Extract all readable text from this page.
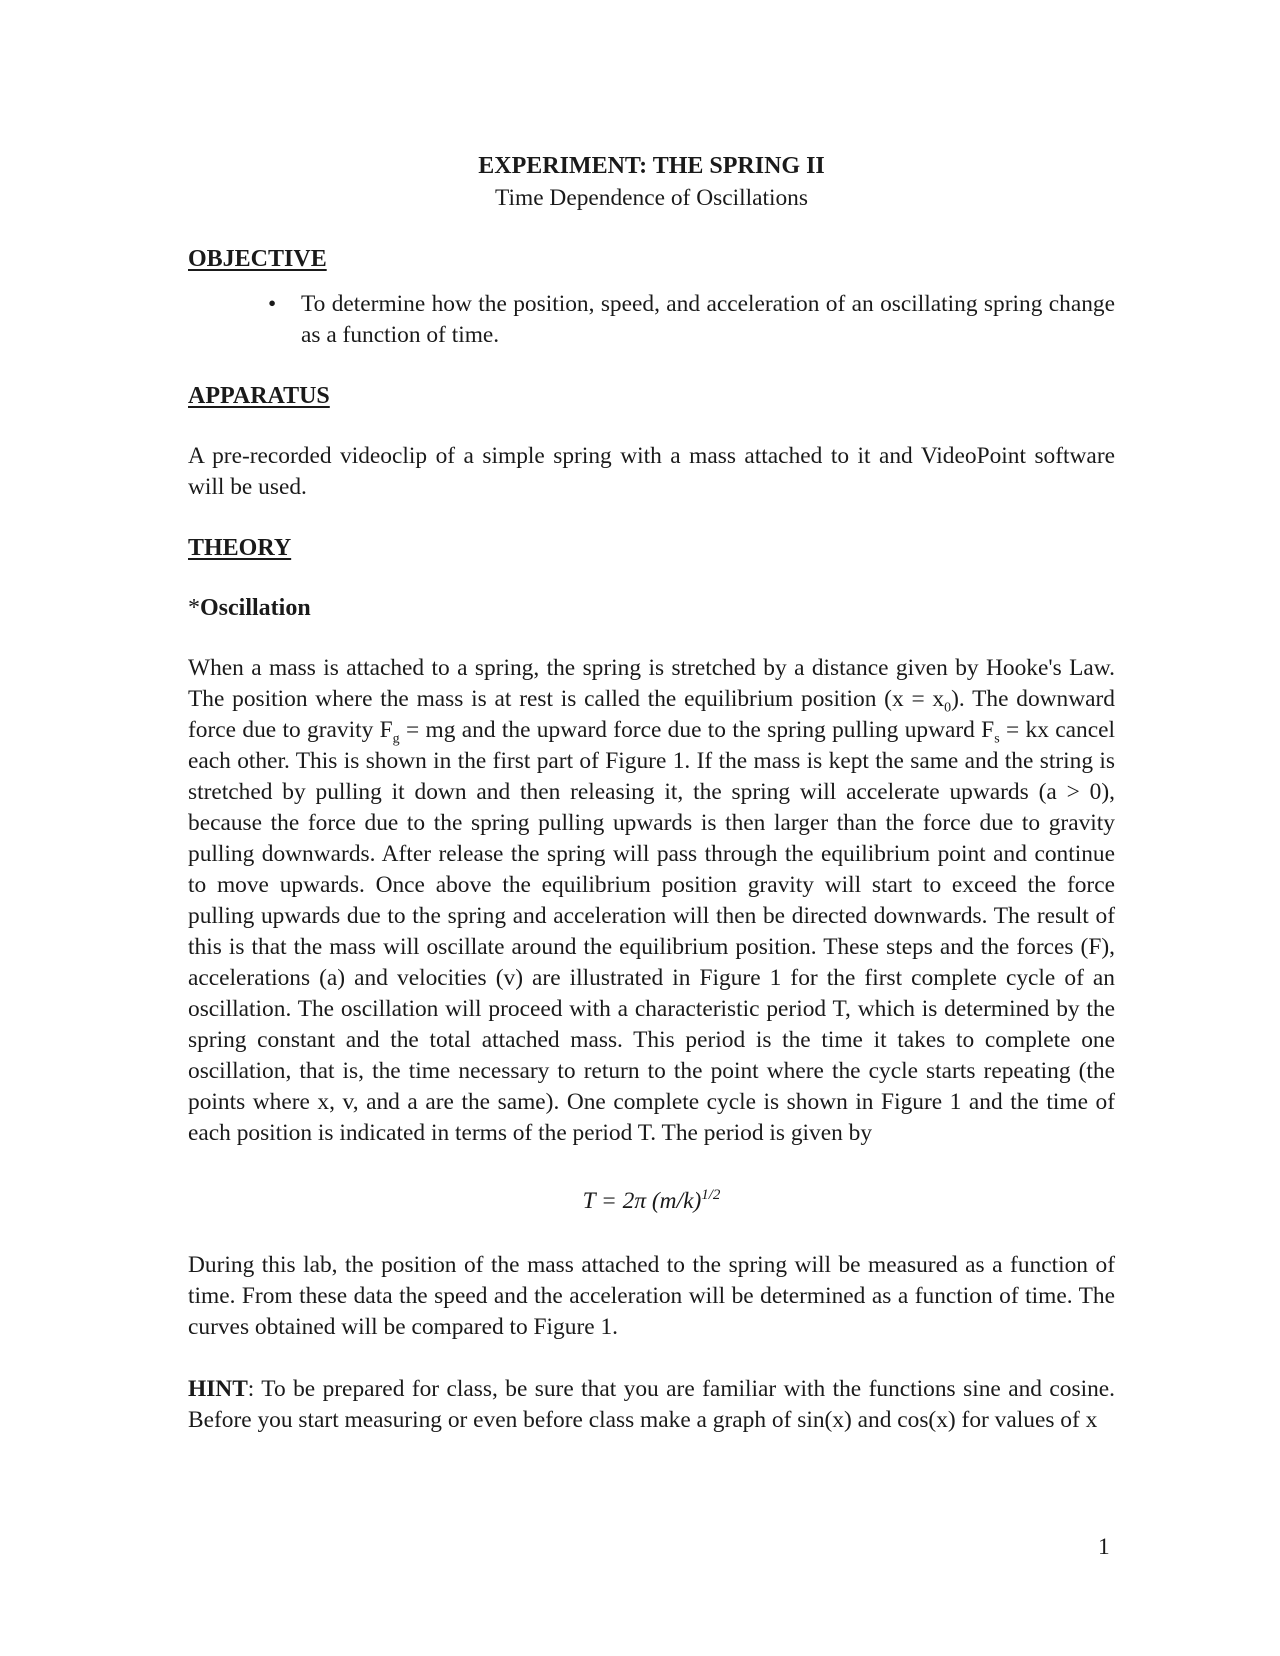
EXPERIMENT: THE SPRING II
Time Dependence of Oscillations
OBJECTIVE
• To determine how the position, speed, and acceleration of an oscillating spring change as a function of time.
APPARATUS

A pre-recorded videoclip of a simple spring with a mass attached to it and VideoPoint software will be used.

THEORY
*Oscillation

When a mass is attached to a spring, the spring is stretched by a distance given by Hooke's Law. The position where the mass is at rest is called the equilibrium position $(x = x_0)$. The downward force due to gravity $F_g$ = mg and the upward force due to the spring pulling upward $F_s$ = kx cancel each other. This is shown in the first part of Figure 1. If the mass is kept the same and the string is stretched by pulling it down and then releasing it, the spring will accelerate upwards (a > 0), because the force due to the spring pulling upwards is then larger than the force due to gravity pulling downwards. After release the spring will pass through the equilibrium point and continue to move upwards. Once above the equilibrium position gravity will start to exceed the force pulling upwards due to the spring and acceleration will then be directed downwards. The result of this is that the mass will oscillate around the equilibrium position. These steps and the forces (F), accelerations (a) and velocities (v) are illustrated in Figure 1 for the first complete cycle of an oscillation. The oscillation will proceed with a characteristic period T, which is determined by the spring constant and the total attached mass. This period is the time it takes to complete one oscillation, that is, the time necessary to return to the point where the cycle starts repeating (the points where x, v, and a are the same). One complete cycle is shown in Figure 1 and the time of each position is indicated in terms of the period T. The period is given by

T = 2π $(m/k)^{1/2}$

During this lab, the position of the mass attached to the spring will be measured as a function of time. From these data the speed and the acceleration will be determined as a function of time. The curves obtained will be compared to Figure 1.

HINT: To be prepared for class, be sure that you are familiar with the functions sine and cosine. Before you start measuring or even before class make a graph of sin(x) and cos(x) for values of x

1
